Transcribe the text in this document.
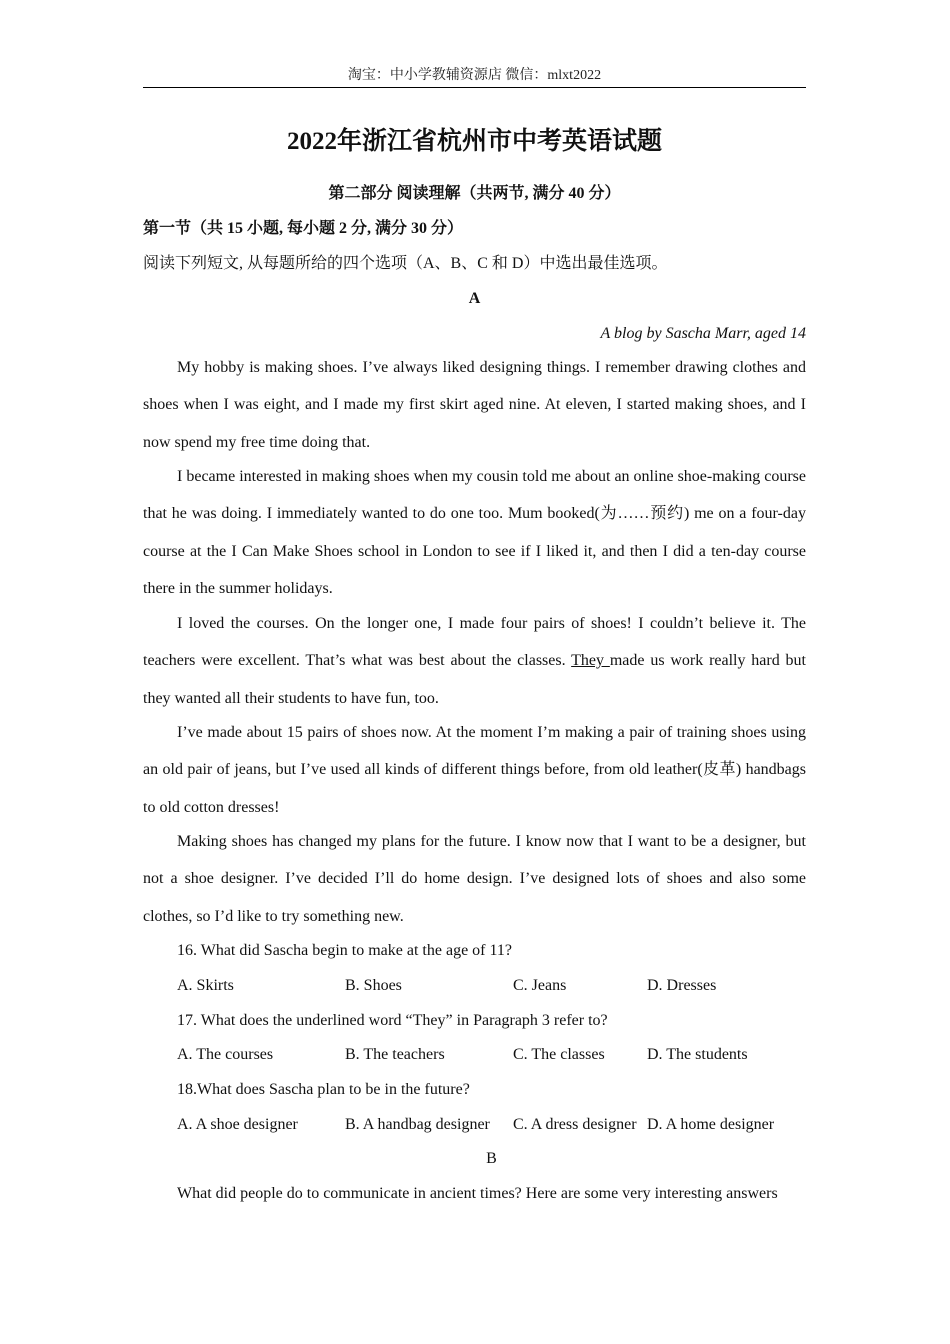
淘宝：中小学教辅资源店 微信：mlxt2022
2022年浙江省杭州市中考英语试题
第二部分 阅读理解（共两节, 满分 40 分）
第一节（共 15 小题, 每小题 2 分, 满分 30 分）
阅读下列短文, 从每题所给的四个选项（A、B、C 和 D）中选出最佳选项。
A
A blog by Sascha Marr, aged 14

My hobby is making shoes. I’ve always liked designing things. I remember drawing clothes and shoes when I was eight, and I made my first skirt aged nine. At eleven, I started making shoes, and I now spend my free time doing that.

I became interested in making shoes when my cousin told me about an online shoe-making course that he was doing. I immediately wanted to do one too. Mum booked(为……预约) me on a four-day course at the I Can Make Shoes school in London to see if I liked it, and then I did a ten-day course there in the summer holidays.

I loved the courses. On the longer one, I made four pairs of shoes! I couldn’t believe it. The teachers were excellent. That’s what was best about the classes. They made us work really hard but they wanted all their students to have fun, too.

I’ve made about 15 pairs of shoes now. At the moment I’m making a pair of training shoes using an old pair of jeans, but I’ve used all kinds of different things before, from old leather(皮革) handbags to old cotton dresses!

Making shoes has changed my plans for the future. I know now that I want to be a designer, but not a shoe designer. I’ve decided I’ll do home design. I’ve designed lots of shoes and also some clothes, so I’d like to try something new.

16. What did Sascha begin to make at the age of 11?
A. Skirts	B. Shoes	C. Jeans	D. Dresses
17. What does the underlined word “They” in Paragraph 3 refer to?
A. The courses	B. The teachers	C. The classes	D. The students
18.What does Sascha plan to be in the future?
A. A shoe designer	B. A handbag designer C. A dress designer D. A home designer
B

What did people do to communicate in ancient times? Here are some very interesting answers
